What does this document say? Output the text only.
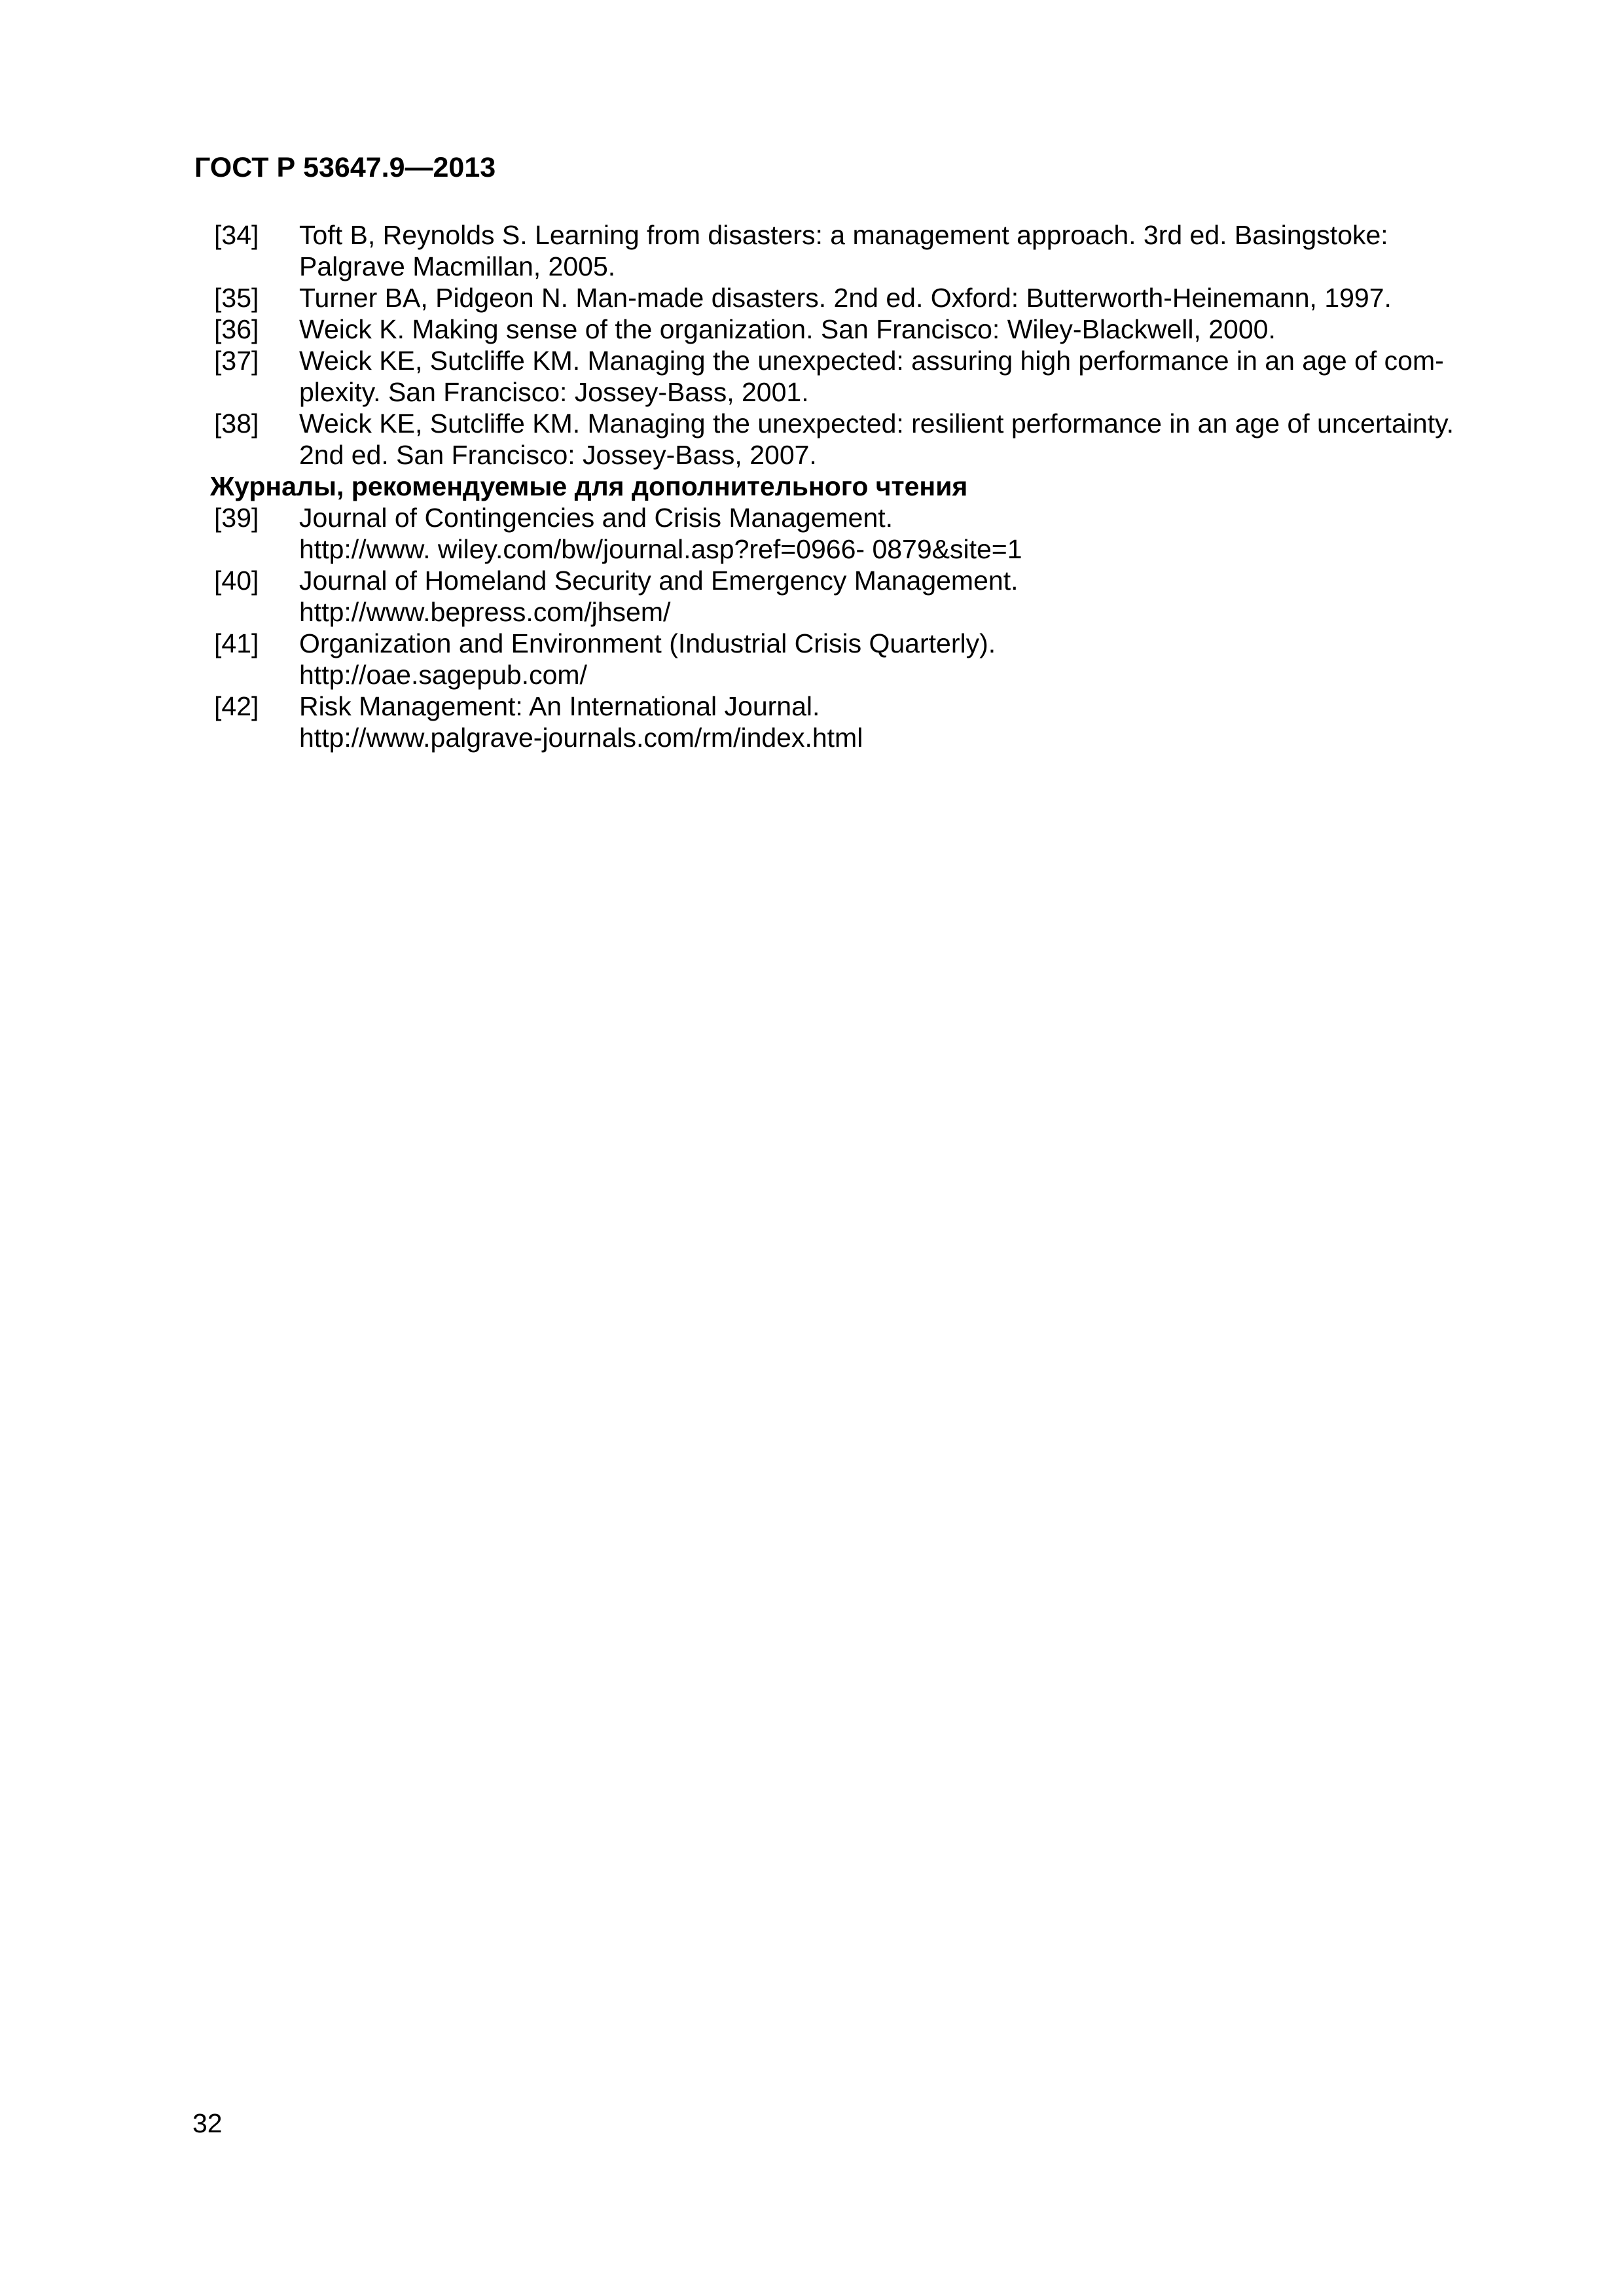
ГОСТ Р 53647.9—2013
[34]	Toft B, Reynolds S. Learning from disasters: a management approach. 3rd ed. Basingstoke:
Palgrave Macmillan, 2005.
[35]	Turner BA, Pidgeon N. Man-made disasters. 2nd ed. Oxford: Butterworth-Heinemann, 1997.
[36]	Weick K. Making sense of the organization. San Francisco: Wiley-Blackwell, 2000.
[37]	Weick KE, Sutcliffe KM. Managing the unexpected: assuring high performance in an age of com-
plexity. San Francisco: Jossey-Bass, 2001.
[38]	Weick KE, Sutcliffe KM. Managing the unexpected: resilient performance in an age of uncertainty.
2nd ed. San Francisco: Jossey-Bass, 2007.
Журналы, рекомендуемые для дополнительного чтения
[39]	Journal of Contingencies and Crisis Management.
http://www. wiley.com/bw/journal.asp?ref=0966- 0879&site=1
[40]	Journal of Homeland Security and Emergency Management.
http://www.bepress.com/jhsem/
[41]	Organization and Environment (Industrial Crisis Quarterly).
http://oae.sagepub.com/
[42]	Risk Management: An International Journal.
http://www.palgrave-journals.com/rm/index.html
32
